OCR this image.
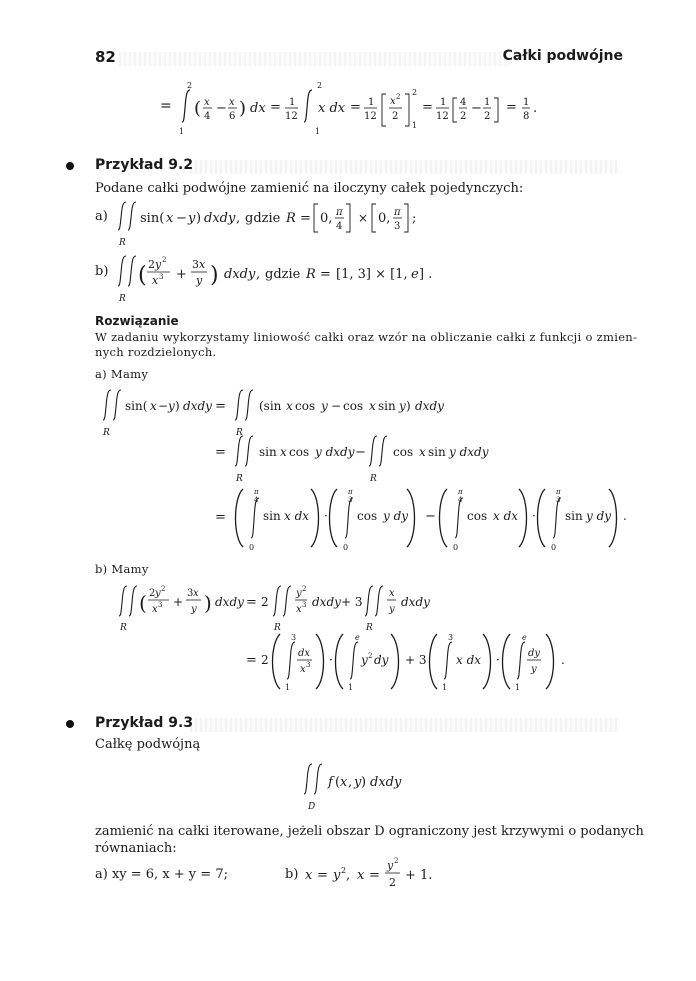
82	Całki podwójne
=
2
1
( x
4
− x
6 ) dx = 1
12
2
1
x dx = 1
12
x 2
2
2
1
= 1
12
4
2
− 1
2
= 1
8
.
Przykład 9.2
Podane całki podwójne zamienić na iloczyny całek pojedynczych:
a)
R
sin( x − y ) dxdy , gdzie R = 0, π
4
× 0, π
3
;
b)
R
( 2 y 2
x 3 +
3 x
y ) dxdy , gdzie R = [1, 3] × [1, e ] .
Rozwiązanie
W zadaniu wykorzystamy liniowość całki oraz wzór na obliczanie całki z funkcji o zmien-
nych rozdzielonych.
a) Mamy
R
sin( x − y ) dxdy =
R
(sin x cos y − cos x sin y ) dxdy
=
R
sin x cos y dxdy −
R
cos x sin y dxdy
=
π
4
0
sin x dx ·
π
3
0
cos y dy −
π
4
0
cos x dx ·
π
3
0
sin y dy .
b) Mamy
R
( 2 y 2
x 3 +
3 x
y ) dxdy = 2
R
y 2
x 3 dxdy + 3
R
x
y
dxdy
= 2
3
1
dx
x 3 ·
e
1
y 2 dy + 3
3
1
x dx ·
e
1
dy
y
.
Przykład 9.3
Całkę podwójną
D
f ( x , y ) dxdy
zamienić na całki iterowane, jeżeli obszar D ograniczony jest krzywymi o podanych
równaniach:
a) xy = 6, x + y = 7;	b) x = y 2 , x =
y 2
2 + 1.
